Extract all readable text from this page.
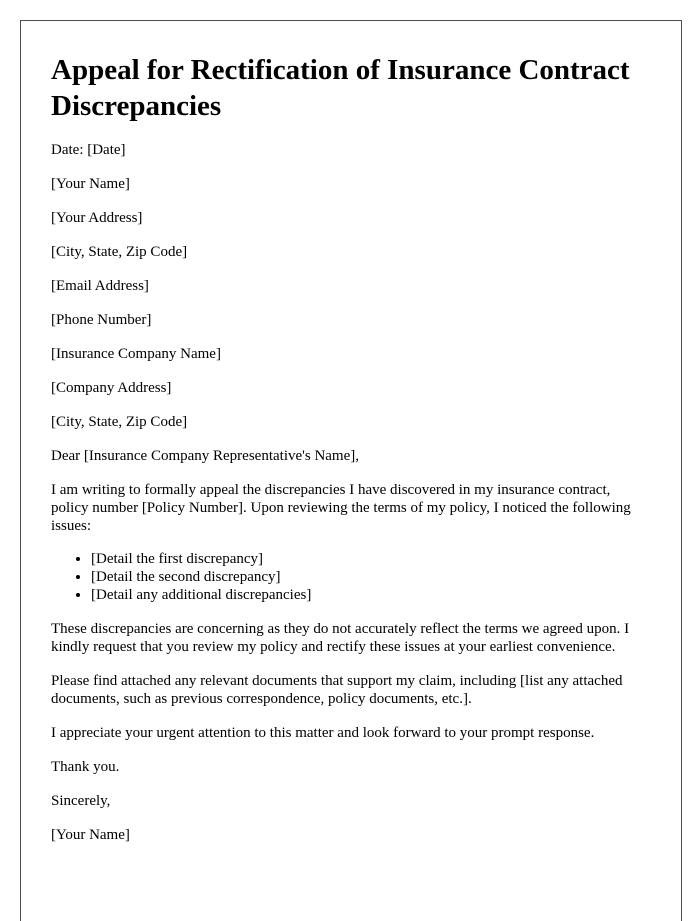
Appeal for Rectification of Insurance Contract Discrepancies

Date: [Date]

[Your Name]

[Your Address]

[City, State, Zip Code]

[Email Address]

[Phone Number]

[Insurance Company Name]

[Company Address]

[City, State, Zip Code]

Dear [Insurance Company Representative's Name],

I am writing to formally appeal the discrepancies I have discovered in my insurance contract, policy number [Policy Number]. Upon reviewing the terms of my policy, I noticed the following issues:

• [Detail the first discrepancy]
• [Detail the second discrepancy]
• [Detail any additional discrepancies]

These discrepancies are concerning as they do not accurately reflect the terms we agreed upon. I kindly request that you review my policy and rectify these issues at your earliest convenience.

Please find attached any relevant documents that support my claim, including [list any attached documents, such as previous correspondence, policy documents, etc.].

I appreciate your urgent attention to this matter and look forward to your prompt response.

Thank you.

Sincerely,

[Your Name]
